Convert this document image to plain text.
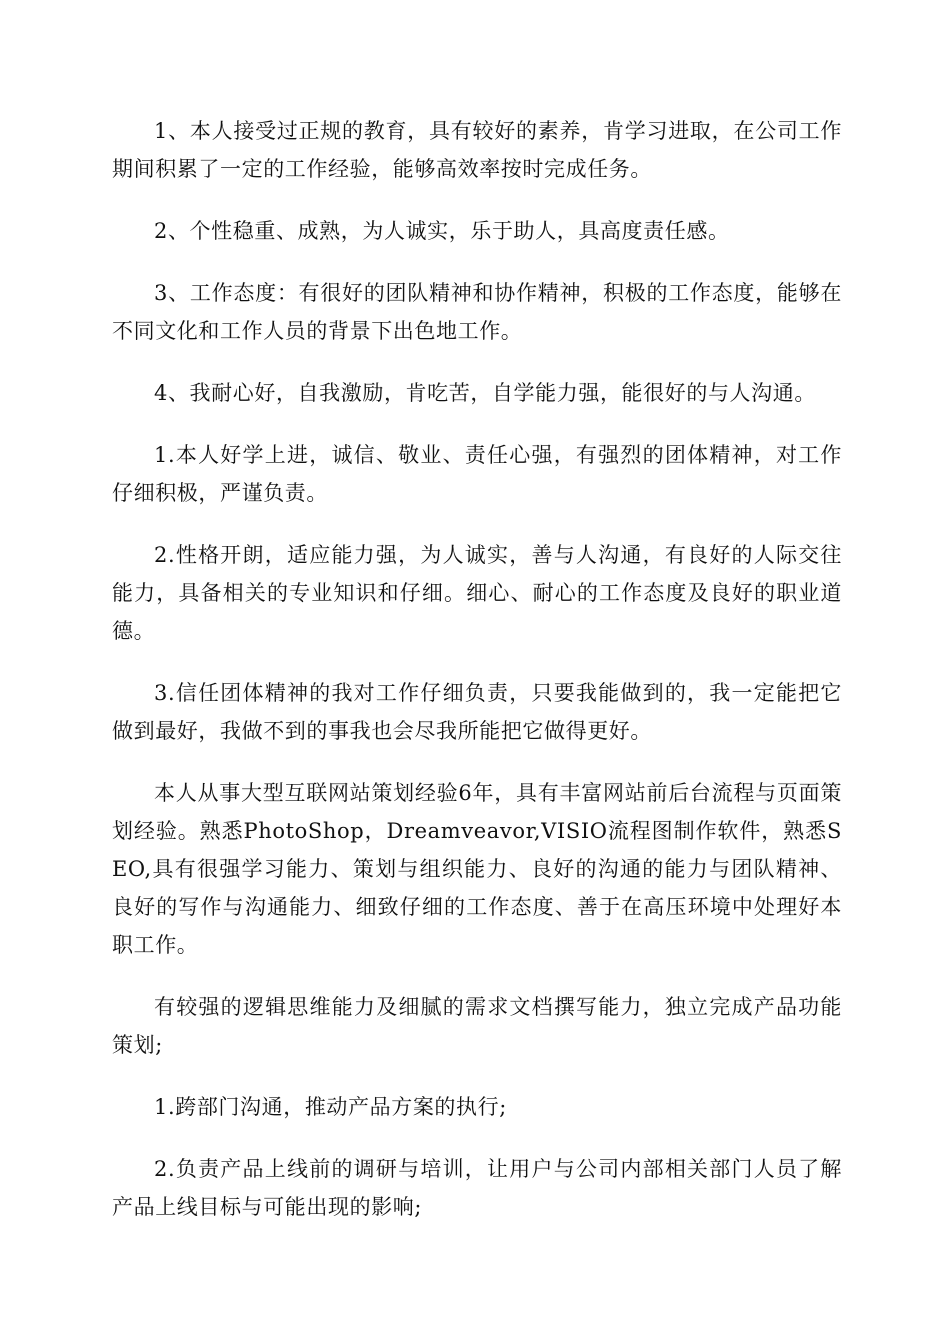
1、本人接受过正规的教育，具有较好的素养，肯学习进取，在公司工作期间积累了一定的工作经验，能够高效率按时完成任务。

2、个性稳重、成熟，为人诚实，乐于助人，具高度责任感。

3、工作态度：有很好的团队精神和协作精神，积极的工作态度，能够在不同文化和工作人员的背景下出色地工作。

4、我耐心好，自我激励，肯吃苦，自学能力强，能很好的与人沟通。

1.本人好学上进，诚信、敬业、责任心强，有强烈的团体精神，对工作仔细积极，严谨负责。

2.性格开朗，适应能力强，为人诚实，善与人沟通，有良好的人际交往能力，具备相关的专业知识和仔细。细心、耐心的工作态度及良好的职业道德。

3.信任团体精神的我对工作仔细负责，只要我能做到的，我一定能把它做到最好，我做不到的事我也会尽我所能把它做得更好。

本人从事大型互联网站策划经验6年，具有丰富网站前后台流程与页面策划经验。熟悉PhotoShop，Dreamveavor,VISIO流程图制作软件，熟悉SEO,具有很强学习能力、策划与组织能力、良好的沟通的能力与团队精神、良好的写作与沟通能力、细致仔细的工作态度、善于在高压环境中处理好本职工作。

有较强的逻辑思维能力及细腻的需求文档撰写能力，独立完成产品功能策划;

1.跨部门沟通，推动产品方案的执行;

2.负责产品上线前的调研与培训，让用户与公司内部相关部门人员了解产品上线目标与可能出现的影响;
